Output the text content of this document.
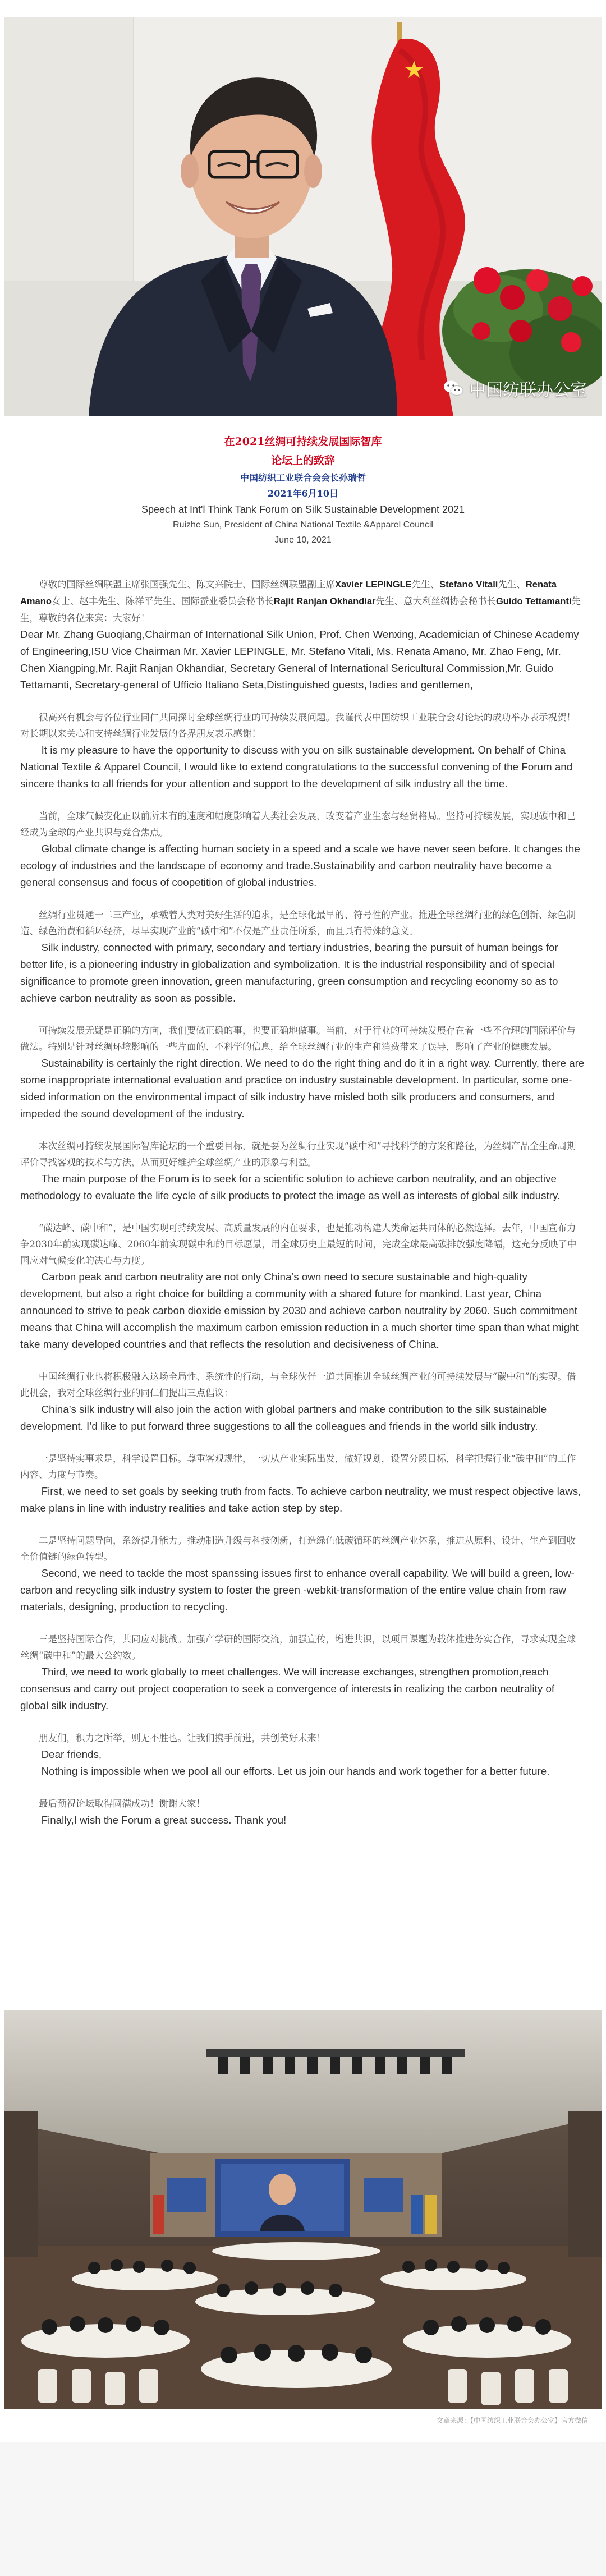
中国纺联办公室
在2021丝绸可持续发展国际智库
论坛上的致辞
中国纺织工业联合会会长孙瑞哲
2021年6月10日
Speech at Int'l Think Tank Forum on Silk Sustainable Development 2021
Ruizhe Sun, President of China National Textile &Apparel Council
June 10, 2021

尊敬的国际丝绸联盟主席张国强先生、陈文兴院士、国际丝绸联盟副主席Xavier LEPINGLE先生、Stefano Vitali先生、Renata Amano女士、赵丰先生、陈祥平先生、国际蚕业委员会秘书长Rajit Ranjan Okhandiar先生、意大利丝绸协会秘书长Guido Tettamanti先生，尊敬的各位来宾：大家好！

Dear Mr. Zhang Guoqiang,Chairman of International Silk Union, Prof. Chen Wenxing, Academician of Chinese Academy of Engineering,ISU Vice Chairman Mr. Xavier LEPINGLE, Mr. Stefano Vitali, Ms. Renata Amano, Mr. Zhao Feng, Mr. Chen Xiangping,Mr. Rajit Ranjan Okhandiar, Secretary General of International Sericultural Commission,Mr. Guido Tettamanti, Secretary-general of Ufficio Italiano Seta,Distinguished guests, ladies and gentlemen,

很高兴有机会与各位行业同仁共同探讨全球丝绸行业的可持续发展问题。我谨代表中国纺织工业联合会对论坛的成功举办表示祝贺！对长期以来关心和支持丝绸行业发展的各界朋友表示感谢！

It is my pleasure to have the opportunity to discuss with you on silk sustainable development. On behalf of China National Textile & Apparel Council, I would like to extend congratulations to the successful convening of the Forum and sincere thanks to all friends for your attention and support to the development of silk industry all the time.

当前，全球气候变化正以前所未有的速度和幅度影响着人类社会发展，改变着产业生态与经贸格局。坚持可持续发展，实现碳中和已经成为全球的产业共识与竞合焦点。

Global climate change is affecting human society in a speed and a scale we have never seen before. It changes the ecology of industries and the landscape of economy and trade.Sustainability and carbon neutrality have become a general consensus and focus of coopetition of global industries.

丝绸行业贯通一二三产业，承载着人类对美好生活的追求，是全球化最早的、符号性的产业。推进全球丝绸行业的绿色创新、绿色制造、绿色消费和循环经济，尽早实现产业的“碳中和”不仅是产业责任所系，而且具有特殊的意义。

Silk industry, connected with primary, secondary and tertiary industries, bearing the pursuit of human beings for better life, is a pioneering industry in globalization and symbolization. It is the industrial responsibility and of special significance to promote green innovation, green manufacturing, green consumption and recycling economy so as to achieve carbon neutrality as soon as possible.

可持续发展无疑是正确的方向，我们要做正确的事，也要正确地做事。当前，对于行业的可持续发展存在着一些不合理的国际评价与做法。特别是针对丝绸环境影响的一些片面的、不科学的信息，给全球丝绸行业的生产和消费带来了误导，影响了产业的健康发展。

Sustainability is certainly the right direction. We need to do the right thing and do it in a right way. Currently, there are some inappropriate international evaluation and practice on industry sustainable development. In particular, some one-sided information on the environmental impact of silk industry have misled both silk producers and consumers, and impeded the sound development of the industry.

本次丝绸可持续发展国际智库论坛的一个重要目标，就是要为丝绸行业实现“碳中和”寻找科学的方案和路径，为丝绸产品全生命周期评价寻找客观的技术与方法，从而更好维护全球丝绸产业的形象与利益。

The main purpose of the Forum is to seek for a scientific solution to achieve carbon neutrality, and an objective methodology to evaluate the life cycle of silk products to protect the image as well as interests of global silk industry.

“碳达峰、碳中和”，是中国实现可持续发展、高质量发展的内在要求，也是推动构建人类命运共同体的必然选择。去年，中国宣布力争2030年前实现碳达峰、2060年前实现碳中和的目标愿景，用全球历史上最短的时间，完成全球最高碳排放强度降幅，这充分反映了中国应对气候变化的决心与力度。

Carbon peak and carbon neutrality are not only China’s own need to secure sustainable and high-quality development, but also a right choice for building a community with a shared future for mankind. Last year, China announced to strive to peak carbon dioxide emission by 2030 and achieve carbon neutrality by 2060. Such commitment means that China will accomplish the maximum carbon emission reduction in a much shorter time span than what might take many developed countries and that reflects the resolution and decisiveness of China.

中国丝绸行业也将积极融入这场全局性、系统性的行动，与全球伙伴一道共同推进全球丝绸产业的可持续发展与“碳中和”的实现。借此机会，我对全球丝绸行业的同仁们提出三点倡议：

China’s silk industry will also join the action with global partners and make contribution to the silk sustainable development. I’d like to put forward three suggestions to all the colleagues and friends in the world silk industry.

一是坚持实事求是，科学设置目标。尊重客观规律，一切从产业实际出发，做好规划，设置分段目标，科学把握行业“碳中和”的工作内容、力度与节奏。

First, we need to set goals by seeking truth from facts. To achieve carbon neutrality, we must respect objective laws, make plans in line with industry realities and take action step by step.

二是坚持问题导向，系统提升能力。推动制造升级与科技创新，打造绿色低碳循环的丝绸产业体系，推进从原料、设计、生产到回收全价值链的绿色转型。

Second, we need to tackle the most spanssing issues first to enhance overall capability. We will build a green, low-carbon and recycling silk industry system to foster the green -webkit-transformation of the entire value chain from raw materials, designing, production to recycling.

三是坚持国际合作，共同应对挑战。加强产学研的国际交流，加强宣传，增进共识，以项目课题为载体推进务实合作，寻求实现全球丝绸“碳中和”的最大公约数。

Third, we need to work globally to meet challenges. We will increase exchanges, strengthen promotion,reach consensus and carry out project cooperation to seek a convergence of interests in realizing the carbon neutrality of global silk industry.

朋友们，积力之所举，则无不胜也。让我们携手前进，共创美好未来！

Dear friends,

Nothing is impossible when we pool all our efforts. Let us join our hands and work together for a better future.

最后预祝论坛取得圆满成功！谢谢大家！

Finally,I wish the Forum a great success. Thank you!

文章来源：【中国纺织工业联合会办公室】官方微信
